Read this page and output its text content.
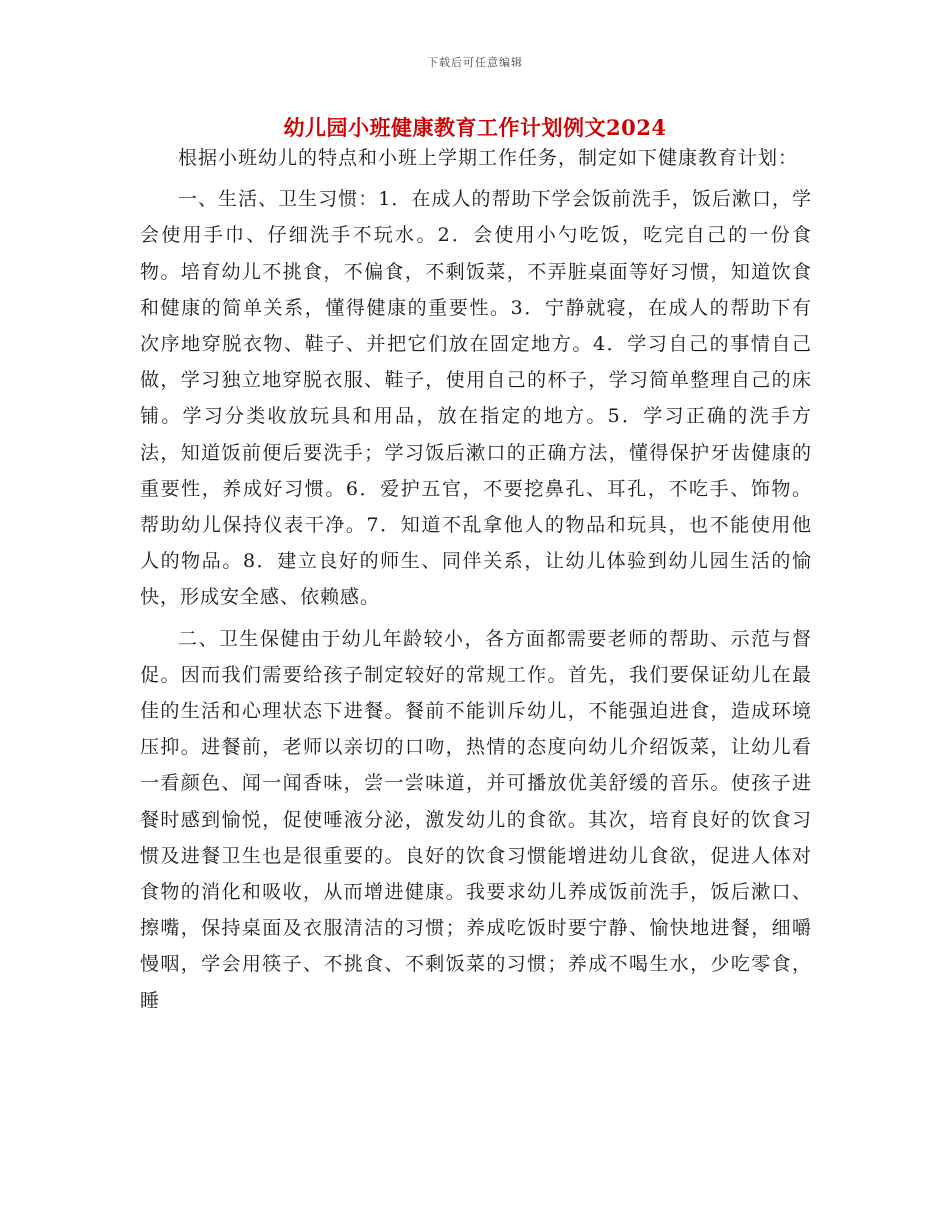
下载后可任意编辑
幼儿园小班健康教育工作计划例文2024

根据小班幼儿的特点和小班上学期工作任务，制定如下健康教育计划：

一、生活、卫生习惯：1．在成人的帮助下学会饭前洗手，饭后漱口，学会使用手巾、仔细洗手不玩水。2．会使用小勺吃饭，吃完自己的一份食物。培育幼儿不挑食，不偏食，不剩饭菜，不弄脏桌面等好习惯，知道饮食和健康的简单关系，懂得健康的重要性。3．宁静就寝，在成人的帮助下有次序地穿脱衣物、鞋子、并把它们放在固定地方。4．学习自己的事情自己做，学习独立地穿脱衣服、鞋子，使用自己的杯子，学习简单整理自己的床铺。学习分类收放玩具和用品，放在指定的地方。5．学习正确的洗手方法，知道饭前便后要洗手；学习饭后漱口的正确方法，懂得保护牙齿健康的重要性，养成好习惯。6．爱护五官，不要挖鼻孔、耳孔，不吃手、饰物。帮助幼儿保持仪表干净。7．知道不乱拿他人的物品和玩具，也不能使用他人的物品。8．建立良好的师生、同伴关系，让幼儿体验到幼儿园生活的愉快，形成安全感、依赖感。

二、卫生保健由于幼儿年龄较小，各方面都需要老师的帮助、示范与督促。因而我们需要给孩子制定较好的常规工作。首先，我们要保证幼儿在最佳的生活和心理状态下进餐。餐前不能训斥幼儿，不能强迫进食，造成环境压抑。进餐前，老师以亲切的口吻，热情的态度向幼儿介绍饭菜，让幼儿看一看颜色、闻一闻香味，尝一尝味道，并可播放优美舒缓的音乐。使孩子进餐时感到愉悦，促使唾液分泌，激发幼儿的食欲。其次，培育良好的饮食习惯及进餐卫生也是很重要的。良好的饮食习惯能增进幼儿食欲，促进人体对食物的消化和吸收，从而增进健康。我要求幼儿养成饭前洗手，饭后漱口、擦嘴，保持桌面及衣服清洁的习惯；养成吃饭时要宁静、愉快地进餐，细嚼慢咽，学会用筷子、不挑食、不剩饭菜的习惯；养成不喝生水，少吃零食，睡
